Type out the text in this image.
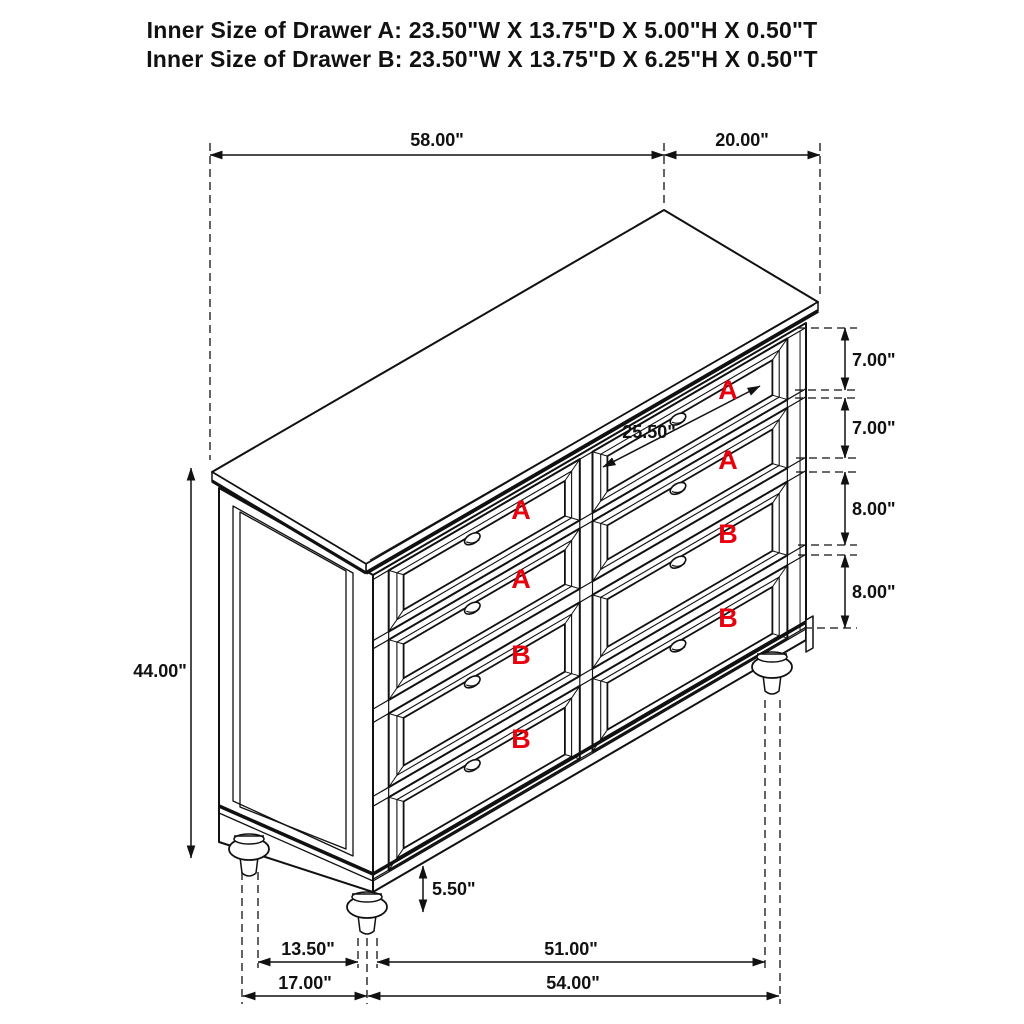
58.00"	20.00"
7.00"
7.00"
8.00"
8.00"
44.00"
25.50"
5.50"
13.50"	51.00"
17.00"	54.00"
A
A
B
B
A
A
B
B
Inner Size of Drawer A: 23.50"W X 13.75"D X 5.00"H X 0.50"T
Inner Size of Drawer B: 23.50"W X 13.75"D X 6.25"H X 0.50"T
